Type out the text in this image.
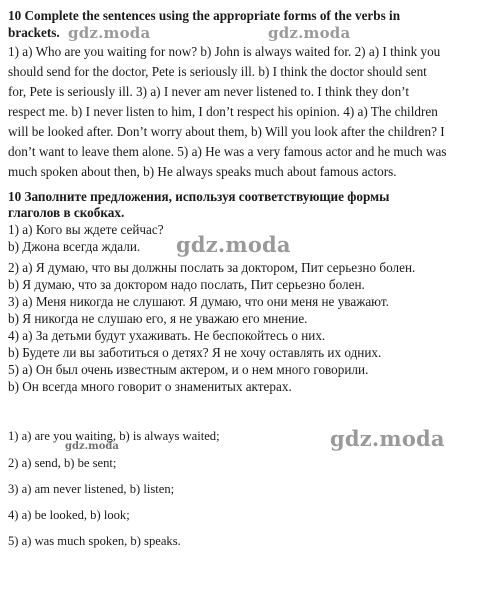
10 Complete the sentences using the appropriate forms of the verbs in
brackets.
1) a) Who are you waiting for now? b) John is always waited for. 2) a) I think you
should send for the doctor, Pete is seriously ill. b) I think the doctor should sent
for, Pete is seriously ill. 3) a) I never am never listened to. I think they don’t
respect me. b) I never listen to him, I don’t respect his opinion. 4) a) The children
will be looked after. Don’t worry about them, b) Will you look after the children? I
don’t want to leave them alone. 5) a) He was a very famous actor and he much was
much spoken about then, b) He always speaks much about famous actors.
10 Заполните предложения, используя соответствующие формы
глаголов в скобках.
1) а) Кого вы ждете сейчас?
b) Джона всегда ждали.
2) а) Я думаю, что вы должны послать за доктором, Пит серьезно болен.
b) Я думаю, что за доктором надо послать, Пит серьезно болен.
3) а) Меня никогда не слушают. Я думаю, что они меня не уважают.
b) Я никогда не слушаю его, я не уважаю его мнение.
4) а) За детьми будут ухаживать. Не беспокойтесь о них.
b) Будете ли вы заботиться о детях? Я не хочу оставлять их одних.
5) а) Он был очень известным актером, и о нем много говорили.
b) Он всегда много говорит о знаменитых актерах.
1) a) are you waiting, b) is always waited;
2) a) send, b) be sent;
3) a) am never listened, b) listen;
4) a) be looked, b) look;
5) a) was much spoken, b) speaks.
gdz.moda	gdz.moda
gdz.moda
gdz.moda
gdz.moda
